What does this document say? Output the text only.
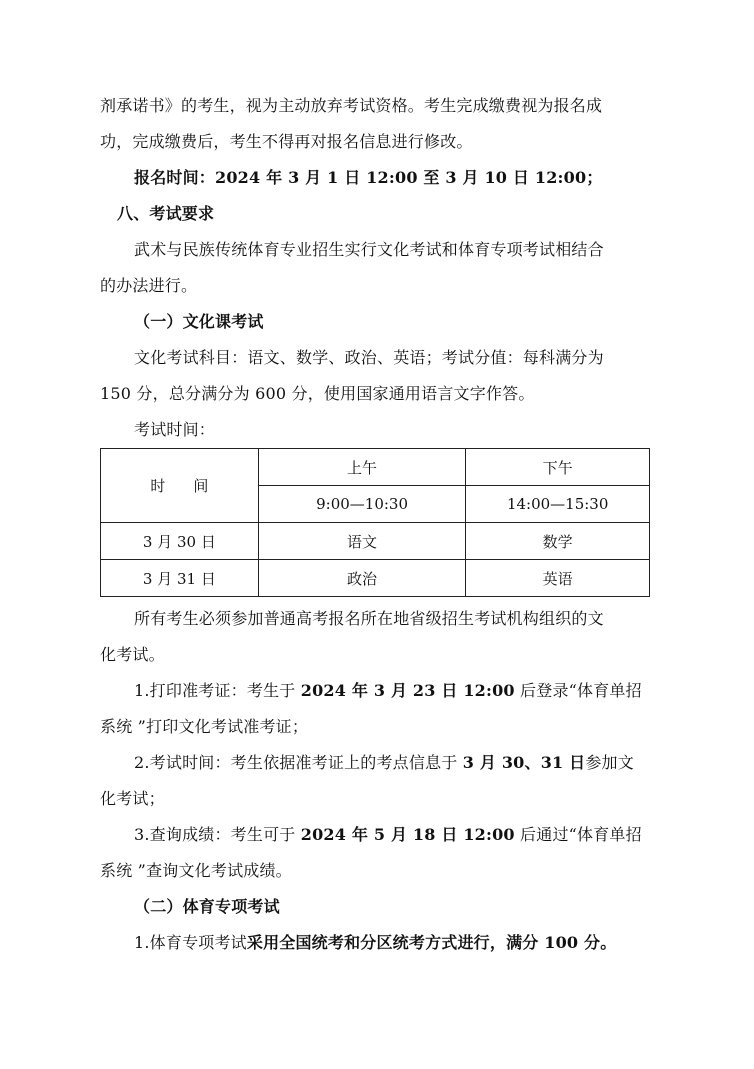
剂承诺书》的考生，视为主动放弃考试资格。考生完成缴费视为报名成

功，完成缴费后，考生不得再对报名信息进行修改。

报名时间：2024 年 3 月 1 日 12:00 至 3 月 10 日 12:00；

八、考试要求

武术与民族传统体育专业招生实行文化考试和体育专项考试相结合

的办法进行。

（一）文化课考试

文化考试科目：语文、数学、政治、英语；考试分值：每科满分为

150 分，总分满分为 600 分，使用国家通用语言文字作答。

考试时间：

时间	上午	下午
	9:00—10:30	14:00—15:30
3 月 30 日	语文	数学
3 月 31 日	政治	英语

所有考生必须参加普通高考报名所在地省级招生考试机构组织的文

化考试。

1.打印准考证：考生于 2024 年 3 月 23 日 12:00 后登录“体育单招

系统 ”打印文化考试准考证；

2.考试时间：考生依据准考证上的考点信息于 3 月 30、31 日参加文

化考试；

3.查询成绩：考生可于 2024 年 5 月 18 日 12:00 后通过“体育单招

系统 ”查询文化考试成绩。

（二）体育专项考试

1.体育专项考试采用全国统考和分区统考方式进行，满分 100 分。
